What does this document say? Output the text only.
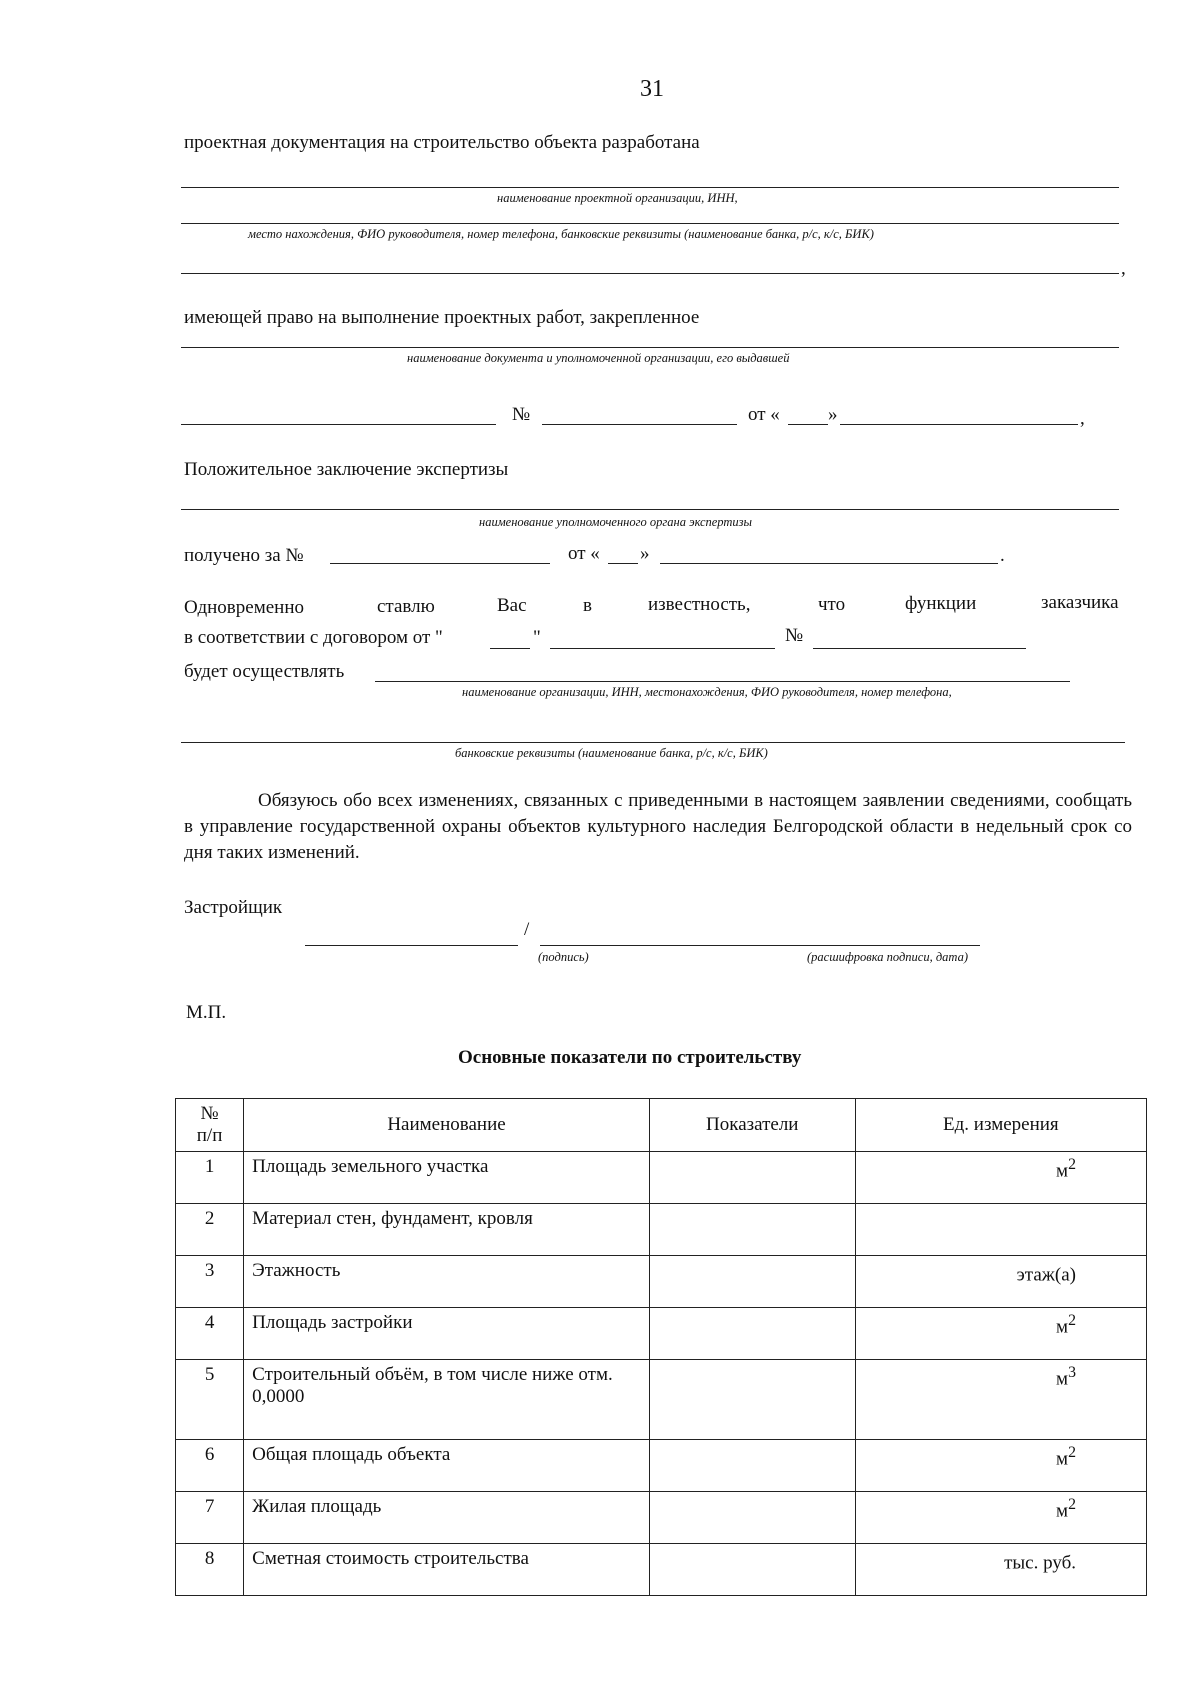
31
проектная документация на строительство объекта разработана
наименование проектной организации, ИНН,
место нахождения, ФИО руководителя, номер телефона, банковские реквизиты (наименование банка, р/с, к/с, БИК)
,
имеющей право на выполнение проектных работ, закрепленное
наименование документа и уполномоченной организации, его выдавшей
№	от «	»	,
Положительное заключение экспертизы
наименование уполномоченного органа экспертизы
получено за №	от « »	.
Одновременно	ставлю	Вас	в	известность,	что	функции	заказчика
в соответствии с договором от "	"	№
будет осуществлять
наименование организации, ИНН, местонахождения, ФИО руководителя, номер телефона,
банковские реквизиты (наименование банка, р/с, к/с, БИК)
Обязуюсь обо всех изменениях, связанных с приведенными в настоящем заявлении сведениями, сообщать в управление государственной охраны объектов культурного наследия Белгородской области в недельный срок со дня таких изменений.
Застройщик
/
(подпись)	(расшифровка подписи, дата)
М.П.
Основные показатели по строительству
№
п/п	Наименование	Показатели	Ед. измерения
1	Площадь земельного участка		$м^2$
2	Материал стен, фундамент, кровля		
3	Этажность		этаж(а)
4	Площадь застройки		$м^2$
5	Строительный объём, в том числе ниже отм. 0,0000		$м^3$
6	Общая площадь объекта		$м^2$
7	Жилая площадь		$м^2$
8	Сметная стоимость строительства		тыс. руб.
